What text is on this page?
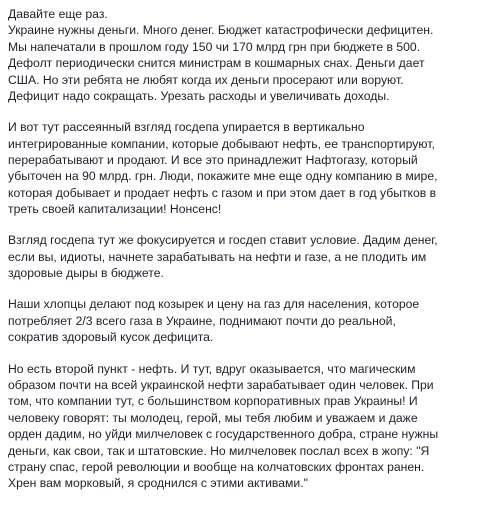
Давайте еще раз.
Украине нужны деньги. Много денег. Бюджет катастрофически дефицитен.
Мы напечатали в прошлом году 150 чи 170 млрд грн при бюджете в 500.
Дефолт периодически снится министрам в кошмарных снах. Деньги дает
США. Но эти ребята не любят когда их деньги просерают или воруют.
Дефицит надо сокращать. Урезать расходы и увеличивать доходы.
И вот тут рассеянный взгляд госдепа упирается в вертикально
интегрированные компании, которые добывают нефть, ее транспортируют,
перерабатывают и продают. И все это принадлежит Нафтогазу, который
убыточен на 90 млрд. грн. Люди, покажите мне еще одну компанию в мире,
которая добывает и продает нефть с газом и при этом дает в год убытков в
треть своей капитализации! Нонсенс!
Взгляд госдепа тут же фокусируется и госдеп ставит условие. Дадим денег,
если вы, идиоты, начнете зарабатывать на нефти и газе, а не плодить им
здоровые дыры в бюджете.
Наши хлопцы делают под козырек и цену на газ для населения, которое
потребляет 2/3 всего газа в Украине, поднимают почти до реальной,
сократив здоровый кусок дефицита.
Но есть второй пункт - нефть. И тут, вдруг оказывается, что магическим
образом почти на всей украинской нефти зарабатывает один человек. При
том, что компании тут, с большинством корпоративных прав Украины! И
человеку говорят: ты молодец, герой, мы тебя любим и уважаем и даже
орден дадим, но уйди милчеловек с государственного добра, стране нужны
деньги, как свои, так и штатовские. Но милчеловек послал всех в жопу: "Я
страну спас, герой революции и вообще на колчатовских фронтах ранен.
Хрен вам морковый, я сроднился с этими активами."
